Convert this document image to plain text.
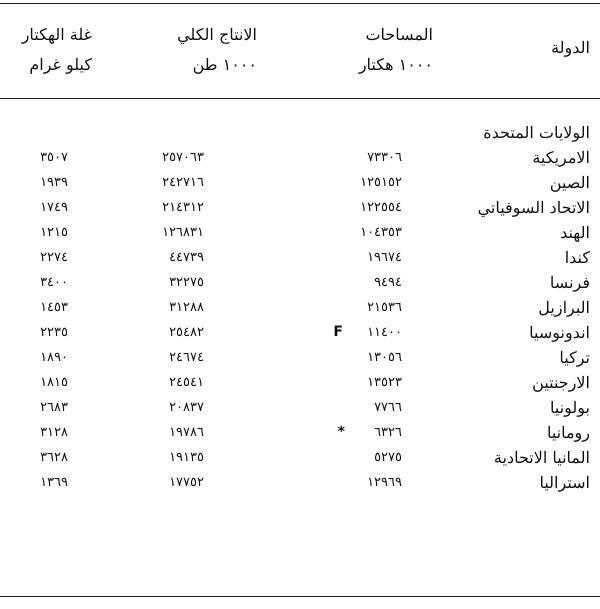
الدولة
المساحات
١٠٠٠ هكتار
الانتاج الكلي
١٠٠٠ طن
غلة الهكتار
كيلو غرام
الولايات المتحدة
الامريكية
٧٣٣٠٦
٢٥٧٠٦٣
٣٥٠٧
الصين
١٢٥١٥٢
٢٤٢٧١٦
١٩٣٩
الاتحاد السوفياتي
١٢٢٥٥٤
٢١٤٣١٢
١٧٤٩
الهند
١٠٤٣٥٣
١٢٦٨٣١
١٢١٥
كندا
١٩٦٧٤
٤٤٧٣٩
٢٢٧٤
فرنسا
٩٤٩٤
٣٢٢٧٥
٣٤٠٠
البرازيل
٢١٥٣٦
٣١٢٨٨
١٤٥٣
اندونوسيا
١١٤٠٠
٢٥٤٨٢
٢٢٣٥	F
تركيا
١٣٠٥٦
٢٤٦٧٤
١٨٩٠
الارجنتين
١٣٥٢٣
٢٤٥٤١
١٨١٥
بولونيا
٧٧٦٦
٢٠٨٣٧
٢٦٨٣
رومانيا
٦٣٢٦
١٩٧٨٦
٣١٢٨	*
المانيا الاتحادية
٥٢٧٥
١٩١٣٥
٣٦٢٨
استراليا
١٢٩٦٩
١٧٧٥٢
١٣٦٩
